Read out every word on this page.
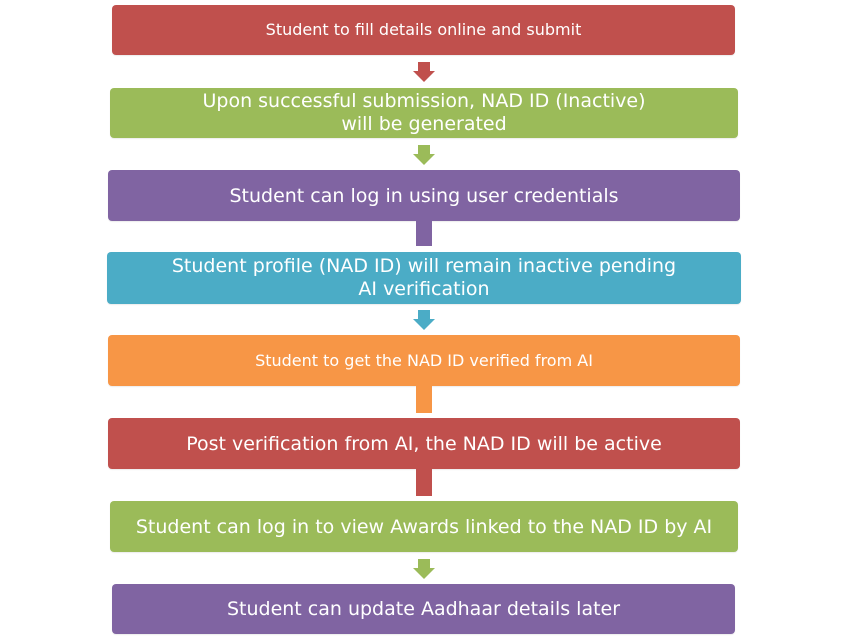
Student to fill details online and submit
Upon successful submission, NAD ID (Inactive)
will be generated
Student can log in using user credentials
Student profile (NAD ID) will remain inactive pending
AI verification
Student to get the NAD ID verified from AI
Post verification from AI, the NAD ID will be active
Student can log in to view Awards linked to the NAD ID by AI
Student can update Aadhaar details later
